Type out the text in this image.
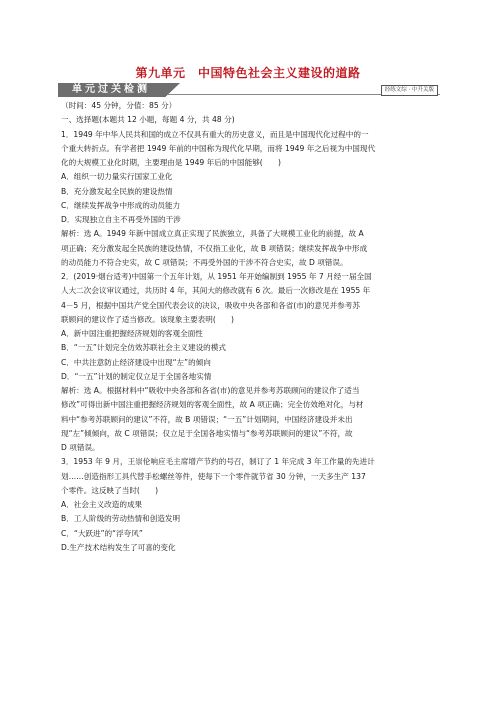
第九单元　中国特色社会主义建设的道路
单元过关检测	经练文综 · 中升关版
（时间：45 分钟，分值：85 分）
一、选择题(本题共 12 小题，每题 4 分，共 48 分)
1．1949 年中华人民共和国的成立不仅具有重大的历史意义，而且是中国现代化过程中的一
个重大转折点。有学者把 1949 年前的中国称为现代化早期，而将 1949 年之后视为中国现代
化的大规模工业化时期，主要理由是 1949 年后的中国能够(　　)
A．组织一切力量实行国家工业化
B．充分激发起全民族的建设热情
C．继续发挥战争中形成的动员能力
D．实现独立自主不再受外国的干涉
解析：选 A。1949 年新中国成立真正实现了民族独立，具备了大规模工业化的前提，故 A
项正确；充分激发起全民族的建设热情，不仅指工业化，故 B 项错误；继续发挥战争中形成
的动员能力不符合史实，故 C 项错误；不再受外国的干涉不符合史实，故 D 项错误。
2．(2019·烟台适考)中国第一个五年计划，从 1951 年开始编制到 1955 年 7 月经一届全国
人大二次会议审议通过，共历时 4 年，其间大的修改就有 6 次。最后一次修改是在 1955 年
4－5 月，根据中国共产党全国代表会议的决议，吸收中央各部和各省(市)的意见并参考苏
联顾问的建议作了适当修改。该现象主要表明(　　)
A．新中国注重把握经济规划的客观全面性
B．“一五”计划完全仿效苏联社会主义建设的模式
C．中共注意防止经济建设中出现“左”的倾向
D．“一五”计划的制定仅立足于全国各地实情
解析：选 A。根据材料中“吸收中央各部和各省(市)的意见并参考苏联顾问的建议作了适当
修改”可得出新中国注重把握经济规划的客观全面性，故 A 项正确；完全仿效绝对化，与材
料中“参考苏联顾问的建议”不符，故 B 项错误；“一五”计划期间，中国经济建设并未出
现“左”倾倾向，故 C 项错误；仅立足于全国各地实情与“参考苏联顾问的建议”不符，故
D 项错误。
3．1953 年 9 月，王崇伦响应毛主席增产节约的号召，制订了 1 年完成 3 年工作量的先进计
划……创造指形工具代替手松螺丝等件，使每下一个零件就节省 30 分钟，一天多生产 137
个零件。这反映了当时(　　)
A．社会主义改造的成果
B．工人阶级的劳动热情和创造发明
C．“大跃进”的“浮夸风”
D.生产技术结构发生了可喜的变化
